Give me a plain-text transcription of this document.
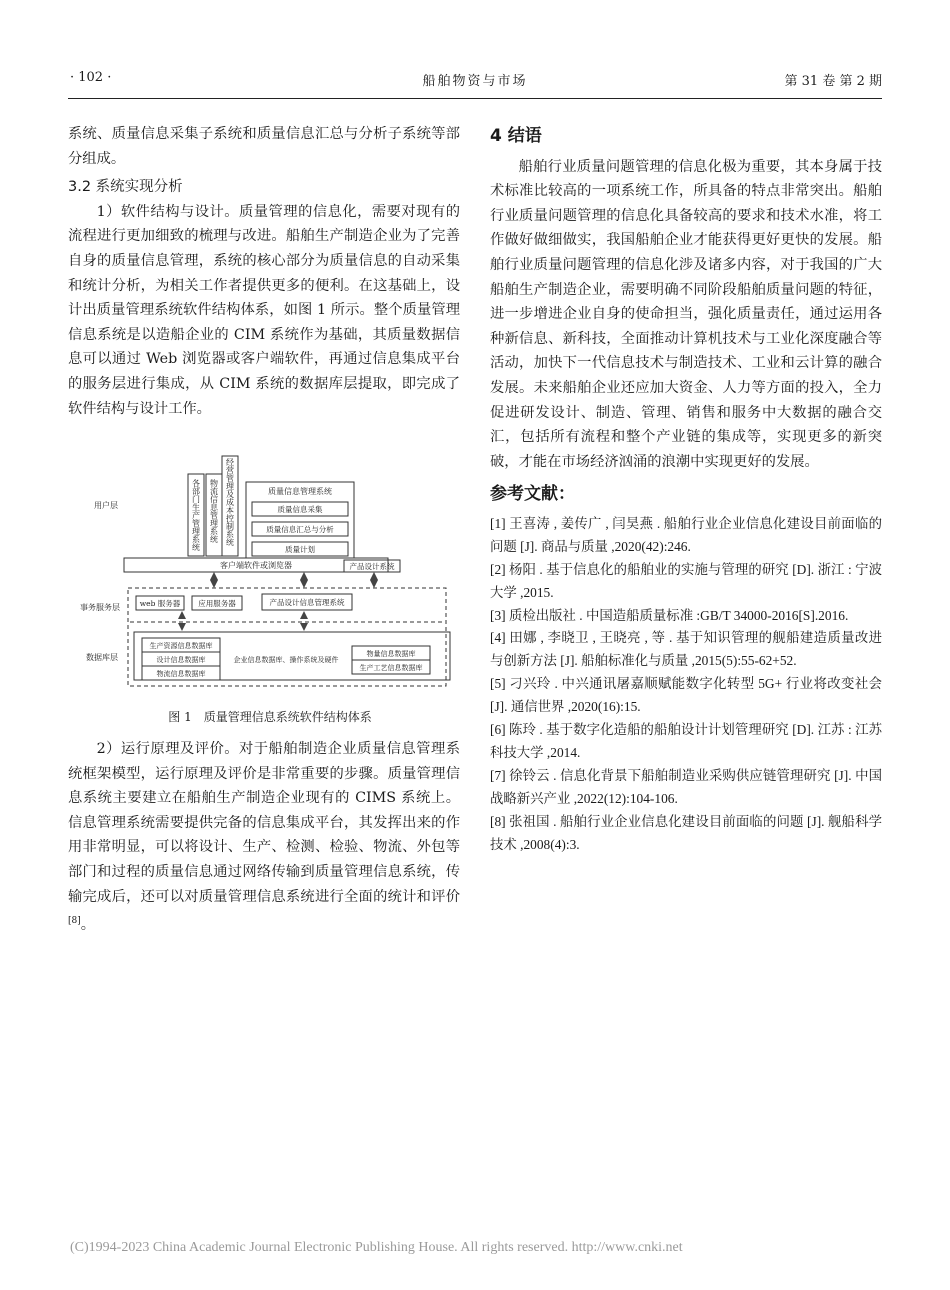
· 102 ·	船舶物资与市场	第 31 卷 第 2 期

系统、质量信息采集子系统和质量信息汇总与分析子系统等部分组成。

3.2 系统实现分析

1）软件结构与设计。质量管理的信息化，需要对现有的流程进行更加细致的梳理与改进。船舶生产制造企业为了完善自身的质量信息管理，系统的核心部分为质量信息的自动采集和统计分析，为相关工作者提供更多的便利。在这基础上，设计出质量管理系统软件结构体系，如图 1 所示。整个质量管理信息系统是以造船企业的 CIM 系统作为基础，其质量数据信息可以通过 Web 浏览器或客户端软件，再通过信息集成平台的服务层进行集成，从 CIM 系统的数据库层提取，即完成了软件结构与设计工作。

用户层
事务服务层
数据库层
各部门生产管理系统 物流信息管理系统 经营管理及成本控制系统	质量信息管理系统
质量信息采集
质量信息汇总与分析
质量计划
客户端软件或浏览器	产品设计系统
web 服务器 应用服务器	产品设计信息管理系统
生产资源信息数据库
设计信息数据库
物流信息数据库
企业信息数据库、操作系统及硬件
物量信息数据库
生产工艺信息数据库
图 1　质量管理信息系统软件结构体系

2）运行原理及评价。对于船舶制造企业质量信息管理系统框架模型，运行原理及评价是非常重要的步骤。质量管理信息系统主要建立在船舶生产制造企业现有的 CIMS 系统上。信息管理系统需要提供完备的信息集成平台，其发挥出来的作用非常明显，可以将设计、生产、检测、检验、物流、外包等部门和过程的质量信息通过网络传输到质量管理信息系统，传输完成后，还可以对质量管理信息系统进行全面的统计和评价[8]。

4 结语

船舶行业质量问题管理的信息化极为重要，其本身属于技术标准比较高的一项系统工作，所具备的特点非常突出。船舶行业质量问题管理的信息化具备较高的要求和技术水准，将工作做好做细做实，我国船舶企业才能获得更好更快的发展。船舶行业质量问题管理的信息化涉及诸多内容，对于我国的广大船舶生产制造企业，需要明确不同阶段船舶质量问题的特征，进一步增进企业自身的使命担当，强化质量责任，通过运用各种新信息、新科技，全面推动计算机技术与工业化深度融合等活动，加快下一代信息技术与制造技术、工业和云计算的融合发展。未来船舶企业还应加大资金、人力等方面的投入，全力促进研发设计、制造、管理、销售和服务中大数据的融合交汇，包括所有流程和整个产业链的集成等，实现更多的新突破，才能在市场经济汹涌的浪潮中实现更好的发展。

参考文献：

[1] 王喜涛 , 姜传广 , 闫昊燕 . 船舶行业企业信息化建设目前面临的问题 [J]. 商品与质量 ,2020(42):246.

[2] 杨阳 . 基于信息化的船舶业的实施与管理的研究 [D]. 浙江 : 宁波大学 ,2015.

[3] 质检出版社 . 中国造船质量标准 :GB/T 34000-2016[S].2016.

[4] 田娜 , 李晓卫 , 王晓亮 , 等 . 基于知识管理的舰船建造质量改进与创新方法 [J]. 船舶标准化与质量 ,2015(5):55-62+52.

[5] 刁兴玲 . 中兴通讯屠嘉顺赋能数字化转型 5G+ 行业将改变社会 [J]. 通信世界 ,2020(16):15.

[6] 陈玲 . 基于数字化造船的船舶设计计划管理研究 [D]. 江苏 : 江苏科技大学 ,2014.

[7] 徐铃云 . 信息化背景下船舶制造业采购供应链管理研究 [J]. 中国战略新兴产业 ,2022(12):104-106.

[8] 张祖国 . 船舶行业企业信息化建设目前面临的问题 [J]. 舰船科学技术 ,2008(4):3.

(C)1994-2023 China Academic Journal Electronic Publishing House. All rights reserved. http://www.cnki.net
